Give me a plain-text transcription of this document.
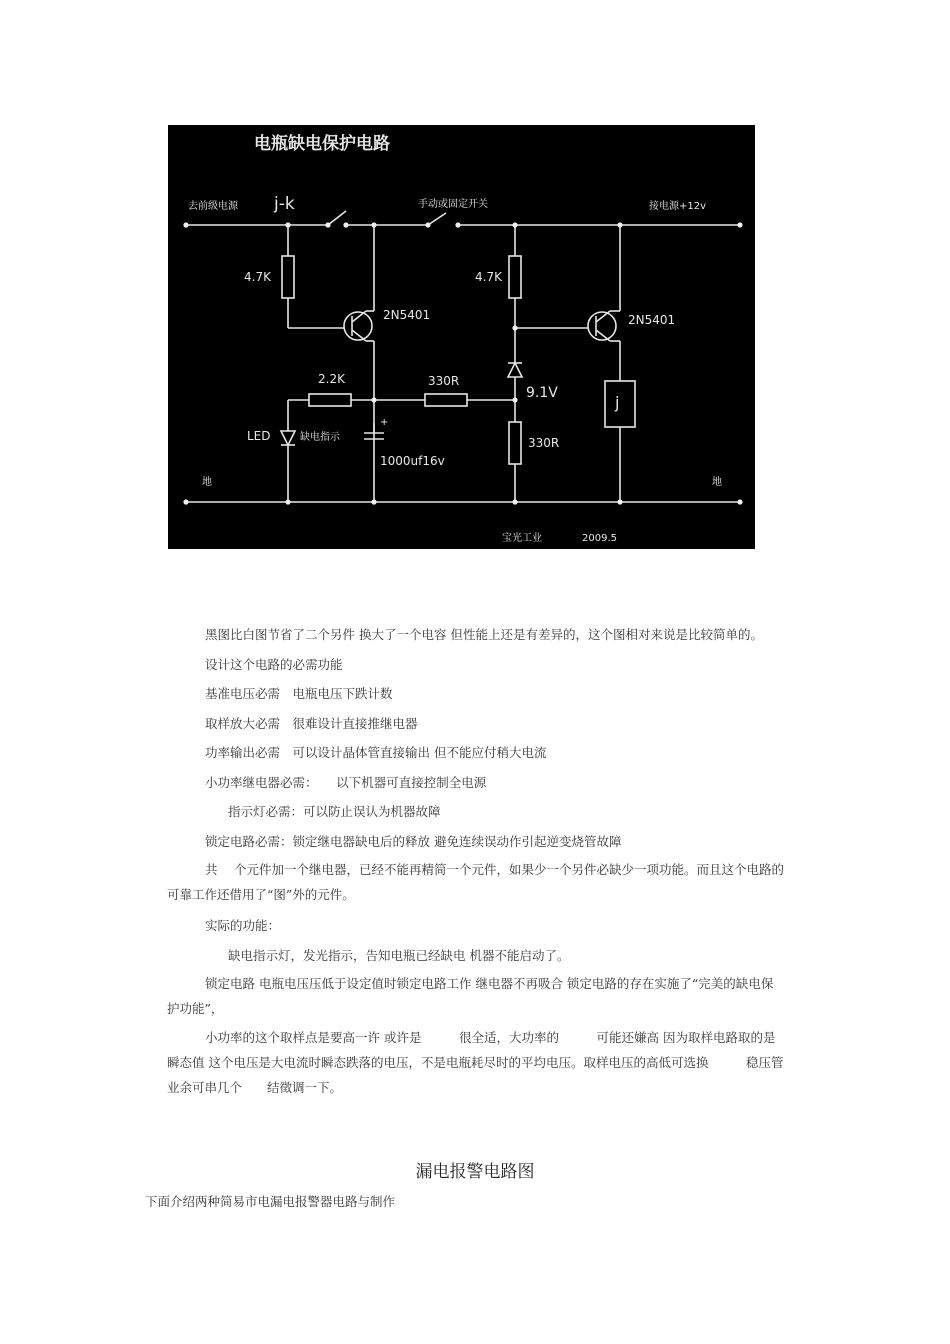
电瓶缺电保护电路
去前级电源 j-k	手动或固定开关	接电源+12v
4.7K	4.7K
2N5401	2N5401
2.2K	330R
9.1V
330R
+
1000uf16v
LED	缺电指示
j
地	地
宝光工业	2009.5
黑图比白图节省了二个另件 换大了一个电容 但性能上还是有差异的，这个图相对来说是比较简单的。
设计这个电路的必需功能
基准电压必需　电瓶电压下跌计数
取样放大必需　很难设计直接推继电器
功率输出必需　可以设计晶体管直接输出 但不能应付稍大电流
小功率继电器必需：　　以下机器可直接控制全电源
指示灯必需：可以防止误认为机器故障
锁定电路必需：锁定继电器缺电后的释放 避免连续误动作引起逆变烧管故障
共　 个元件加一个继电器，已经不能再精简一个元件，如果少一个另件必缺少一项功能。而且这个电路的可靠工作还借用了“图”外的元件。
实际的功能：
缺电指示灯，发光指示，告知电瓶已经缺电 机器不能启动了。
锁定电路 电瓶电压压低于设定值时锁定电路工作 继电器不再吸合 锁定电路的存在实施了“完美的缺电保护功能”，
小功率的这个取样点是要高一许 或许是　　　很全适，大功率的　　　可能还嫌高 因为取样电路取的是瞬态值 这个电压是大电流时瞬态跌落的电压，不是电瓶耗尽时的平均电压。取样电压的高低可选换　　　稳压管 业余可串几个　　结徵调一下。
漏电报警电路图
下面介绍两种简易市电漏电报警器电路与制作
